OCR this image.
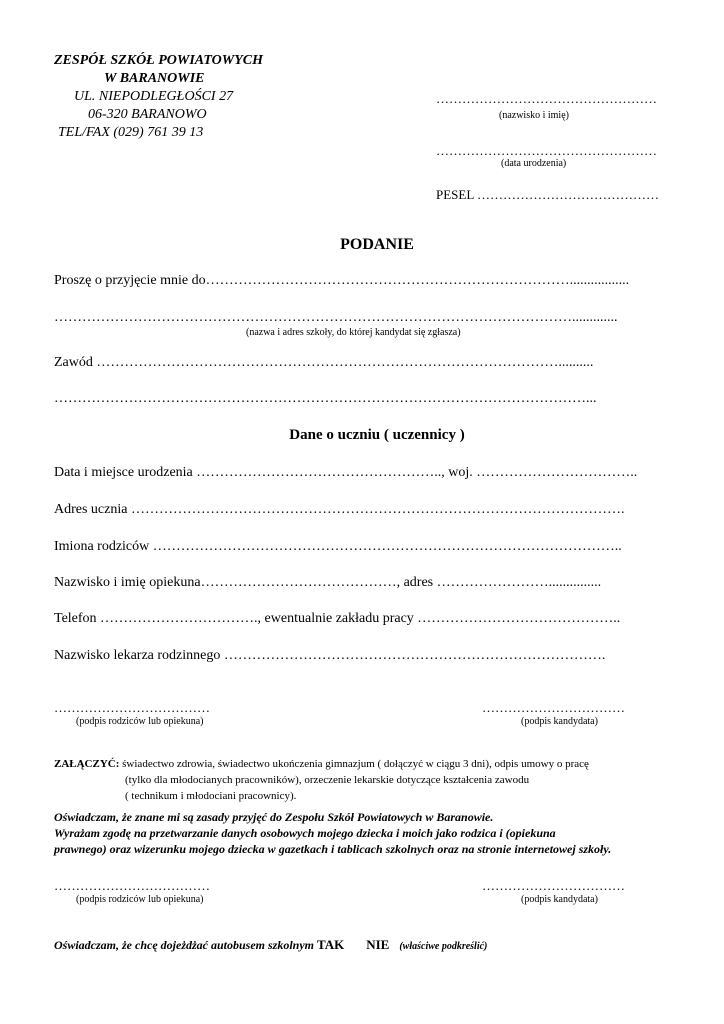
ZESPÓŁ SZKÓŁ POWIATOWYCH
W BARANOWIE
UL. NIEPODLEGŁOŚCI 27
06-320 BARANOWO
TEL/FAX (029) 761 39 13
……………………………………………
(nazwisko i imię)
……………………………………………
(data urodzenia)
PESEL ……………………………………
PODANIE
Proszę o przyjęcie mnie do…………………………………………………………………….................
………………………………………………………………………………………………….............
(nazwa i adres szkoły, do której kandydat się zgłasza)
Zawód ………………………………………………………………………………………..........
……………………………………………………………………………………………………...
Dane o uczniu ( uczennicy )
Data i miejsce urodzenia …………………………………………….., woj. ……………………………..
Adres ucznia …………………………………………………………………………………………….
Imiona rodziców ………………………………………………………………………………………..
Nazwisko i imię opiekuna……………………………………, adres ……………………...............
Telefon ……………………………., ewentualnie zakładu pracy ……………………………………..
Nazwisko lekarza rodzinnego ……………………………………………………………………….
………………………………
(podpis rodziców lub opiekuna)
……………………………
(podpis kandydata)
ZAŁĄCZYĆ: świadectwo zdrowia, świadectwo ukończenia gimnazjum ( dołączyć w ciągu 3 dni), odpis umowy o pracę
(tylko dla młodocianych pracowników), orzeczenie lekarskie dotyczące kształcenia zawodu
( technikum i młodociani pracownicy).
Oświadczam, że znane mi są zasady przyjęć do Zespołu Szkół Powiatowych w Baranowie.
Wyrażam zgodę na przetwarzanie danych osobowych mojego dziecka i moich jako rodzica i (opiekuna
prawnego) oraz wizerunku mojego dziecka w gazetkach i tablicach szkolnych oraz na stronie internetowej szkoły.
………………………………
(podpis rodziców lub opiekuna)
……………………………
(podpis kandydata)
Oświadczam, że chcę dojeżdżać autobusem szkolnym TAK NIE (właściwe podkreślić)
